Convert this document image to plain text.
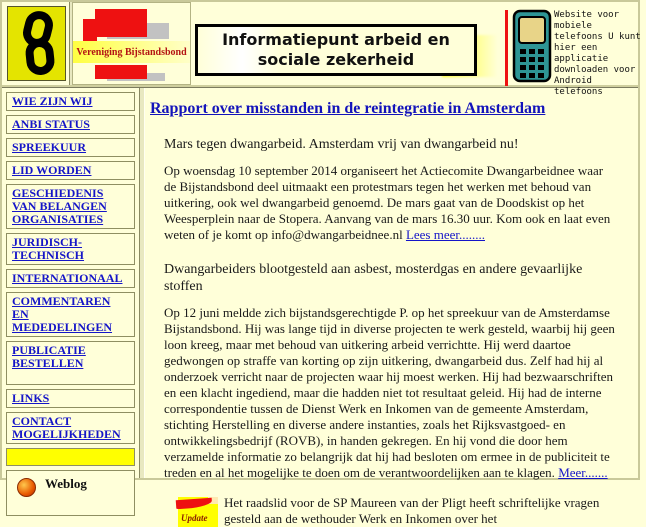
Vereniging Bijstandsbond
Informatiepunt arbeid en
sociale zekerheid
Website voor mobiele telefoons U kunt hier een applicatie downloaden voor Android telefoons
WIE ZIJN WIJ
ANBI STATUS
SPREEKUUR
LID WORDEN
GESCHIEDENIS VAN BELANGEN ORGANISATIES
JURIDISCH-TECHNISCH
INTERNATIONAAL
COMMENTAREN EN MEDEDELINGEN
PUBLICATIE BESTELLEN
LINKS
CONTACT MOGELIJKHEDEN
Weblog
Rapport over misstanden in de reintegratie in Amsterdam
Mars tegen dwangarbeid. Amsterdam vrij van dwangarbeid nu!
Op woensdag 10 september 2014 organiseert het Actiecomite Dwangarbeidnee waar de Bijstandsbond deel uitmaakt een protestmars tegen het werken met behoud van uitkering, ook wel dwangarbeid genoemd. De mars gaat van de Doodskist op het Weesperplein naar de Stopera. Aanvang van de mars 16.30 uur. Kom ook en laat even weten of je komt op info@dwangarbeidnee.nl Lees meer........
Dwangarbeiders blootgesteld aan asbest, mosterdgas en andere gevaarlijke stoffen
Op 12 juni meldde zich bijstandsgerechtigde P. op het spreekuur van de Amsterdamse Bijstandsbond. Hij was lange tijd in diverse projecten te werk gesteld, waarbij hij geen loon kreeg, maar met behoud van uitkering arbeid verrichtte. Hij werd daartoe gedwongen op straffe van korting op zijn uitkering, dwangarbeid dus. Zelf had hij al onderzoek verricht naar de projecten waar hij moest werken. Hij had bezwaarschriften en een klacht ingediend, maar die hadden niet tot resultaat geleid. Hij had de interne correspondentie tussen de Dienst Werk en Inkomen van de gemeente Amsterdam, stichting Herstelling en diverse andere instanties, zoals het Rijksvastgoed- en ontwikkelingsbedrijf (ROVB), in handen gekregen. En hij vond die door hem verzamelde informatie zo belangrijk dat hij had besloten om ermee in de publiciteit te treden en al het mogelijke te doen om de verantwoordelijken aan te klagen. Meer.......
Update
Het raadslid voor de SP Maureen van der Pligt heeft schriftelijke vragen gesteld aan de wethouder Werk en Inkomen over het
